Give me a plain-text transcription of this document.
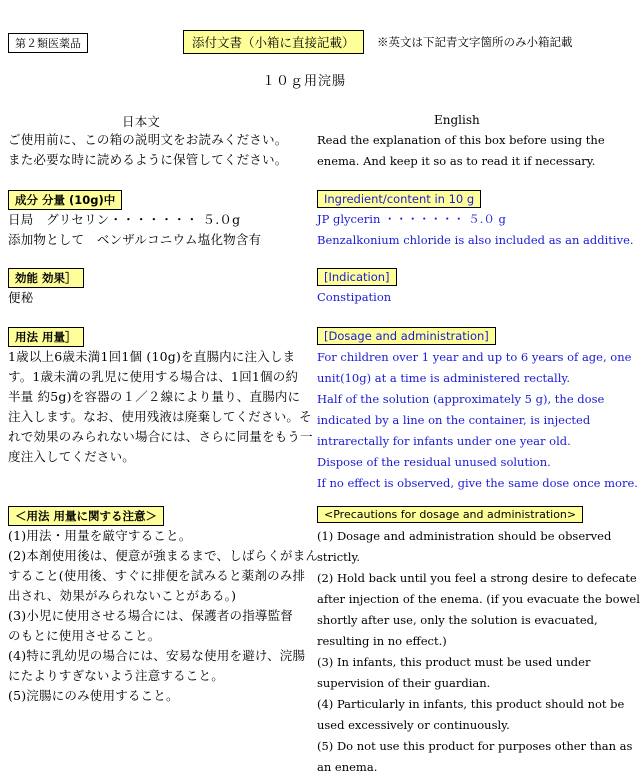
第２類医薬品	添付文書（小箱に直接記載）	※英文は下記青文字箇所のみ小箱記載
１０ｇ用浣腸
日本文	English
ご使用前に、この箱の説明文をお読みください。
また必要な時に読めるように保管してください。
Read the explanation of this box before using the
enema. And keep it so as to read it if necessary.
成分 分量 (10g)中
日局　グリセリン・・・・・・・ ５.０g
添加物として　ベンザルコニウム塩化物含有
Ingredient/content in 10 g
JP glycerin ・・・・・・・ ５.０ g
Benzalkonium chloride is also included as an additive.
効能 効果］
便秘
[Indication]
Constipation
用法 用量］
1歳以上6歳未満1回1個 (10g)を直腸内に注入しま
す。1歳未満の乳児に使用する場合は、1回1個の約
半量 約5g)を容器の１／２線により量り、直腸内に
注入します。なお、使用残液は廃棄してください。そ
れで効果のみられない場合には、さらに同量をもう一
度注入してください。
[Dosage and administration]
For children over 1 year and up to 6 years of age, one
unit(10g) at a time is administered rectally.
Half of the solution (approximately 5 g), the dose
indicated by a line on the container, is injected
intrarectally for infants under one year old.
Dispose of the residual unused solution.
If no effect is observed, give the same dose once more.
＜用法 用量に関する注意＞
(1)用法・用量を厳守すること。
(2)本剤使用後は、便意が強まるまで、しばらくがまん
すること(使用後、すぐに排便を試みると薬剤のみ排
出され、効果がみられないことがある。)
(3)小児に使用させる場合には、保護者の指導監督
のもとに使用させること。
(4)特に乳幼児の場合には、安易な使用を避け、浣腸
にたよりすぎないよう注意すること。
(5)浣腸にのみ使用すること。
<Precautions for dosage and administration>
(1) Dosage and administration should be observed
strictly.
(2) Hold back until you feel a strong desire to defecate
after injection of the enema. (if you evacuate the bowel
shortly after use, only the solution is evacuated,
resulting in no effect.)
(3) In infants, this product must be used under
supervision of their guardian.
(4) Particularly in infants, this product should not be
used excessively or continuously.
(5) Do not use this product for purposes other than as
an enema.
